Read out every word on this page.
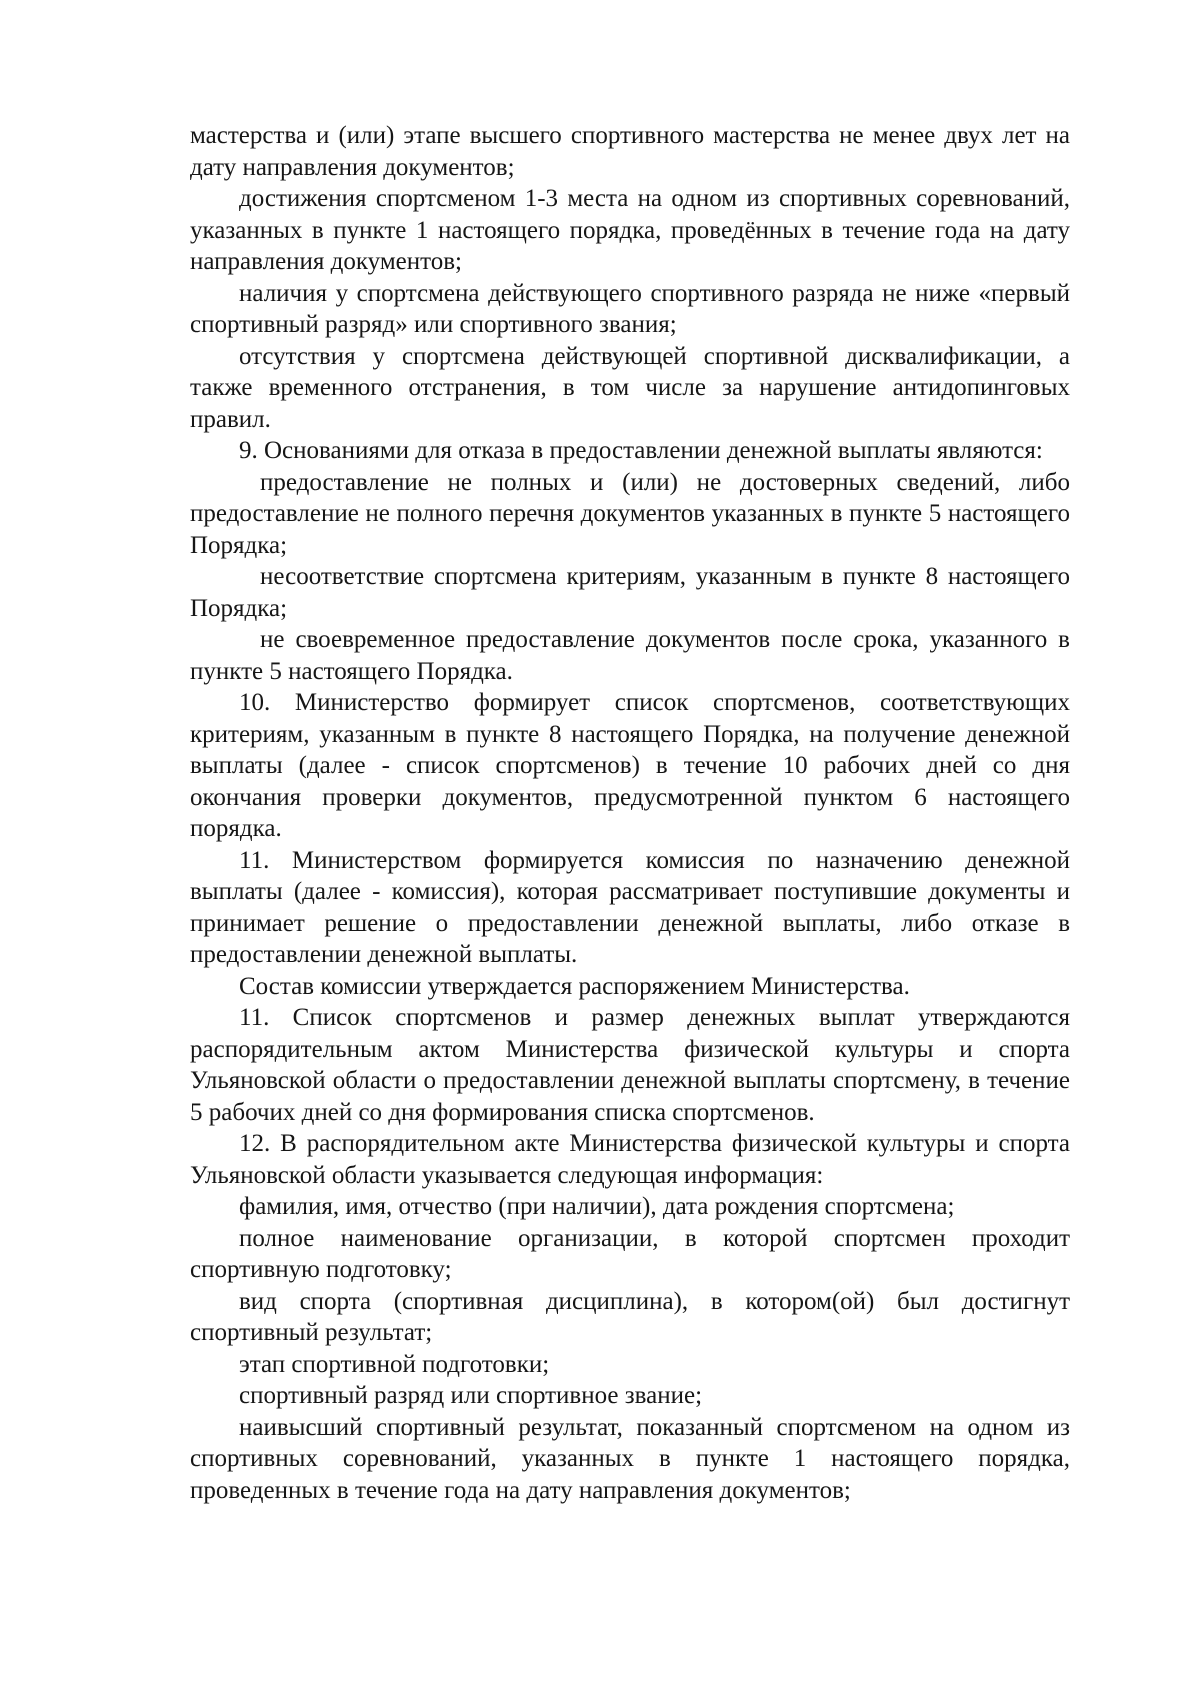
мастерства и (или) этапе высшего спортивного мастерства не менее двух лет на дату направления документов;

достижения спортсменом 1-3 места на одном из спортивных соревнований, указанных в пункте 1 настоящего порядка, проведённых в течение года на дату направления документов;

наличия у спортсмена действующего спортивного разряда не ниже «первый спортивный разряд» или спортивного звания;

отсутствия у спортсмена действующей спортивной дисквалификации, а также временного отстранения, в том числе за нарушение антидопинговых правил.

9. Основаниями для отказа в предоставлении денежной выплаты являются:

предоставление не полных и (или) не достоверных сведений, либо предоставление не полного перечня документов указанных в пункте 5 настоящего Порядка;

несоответствие спортсмена критериям, указанным в пункте 8 настоящего Порядка;

не своевременное предоставление документов после срока, указанного в пункте 5 настоящего Порядка.

10. Министерство формирует список спортсменов, соответствующих критериям, указанным в пункте 8 настоящего Порядка, на получение денежной выплаты (далее - список спортсменов) в течение 10 рабочих дней со дня окончания проверки документов, предусмотренной пунктом 6 настоящего порядка.

11. Министерством формируется комиссия по назначению денежной выплаты (далее - комиссия), которая рассматривает поступившие документы и принимает решение о предоставлении денежной выплаты, либо отказе в предоставлении денежной выплаты.

Состав комиссии утверждается распоряжением Министерства.

11. Список спортсменов и размер денежных выплат утверждаются распорядительным актом Министерства физической культуры и спорта Ульяновской области о предоставлении денежной выплаты спортсмену, в течение 5 рабочих дней со дня формирования списка спортсменов.

12. В распорядительном акте Министерства физической культуры и спорта Ульяновской области указывается следующая информация:

фамилия, имя, отчество (при наличии), дата рождения спортсмена;

полное наименование организации, в которой спортсмен проходит спортивную подготовку;

вид спорта (спортивная дисциплина), в котором(ой) был достигнут спортивный результат;

этап спортивной подготовки;

спортивный разряд или спортивное звание;

наивысший спортивный результат, показанный спортсменом на одном из спортивных соревнований, указанных в пункте 1 настоящего порядка, проведенных в течение года на дату направления документов;
